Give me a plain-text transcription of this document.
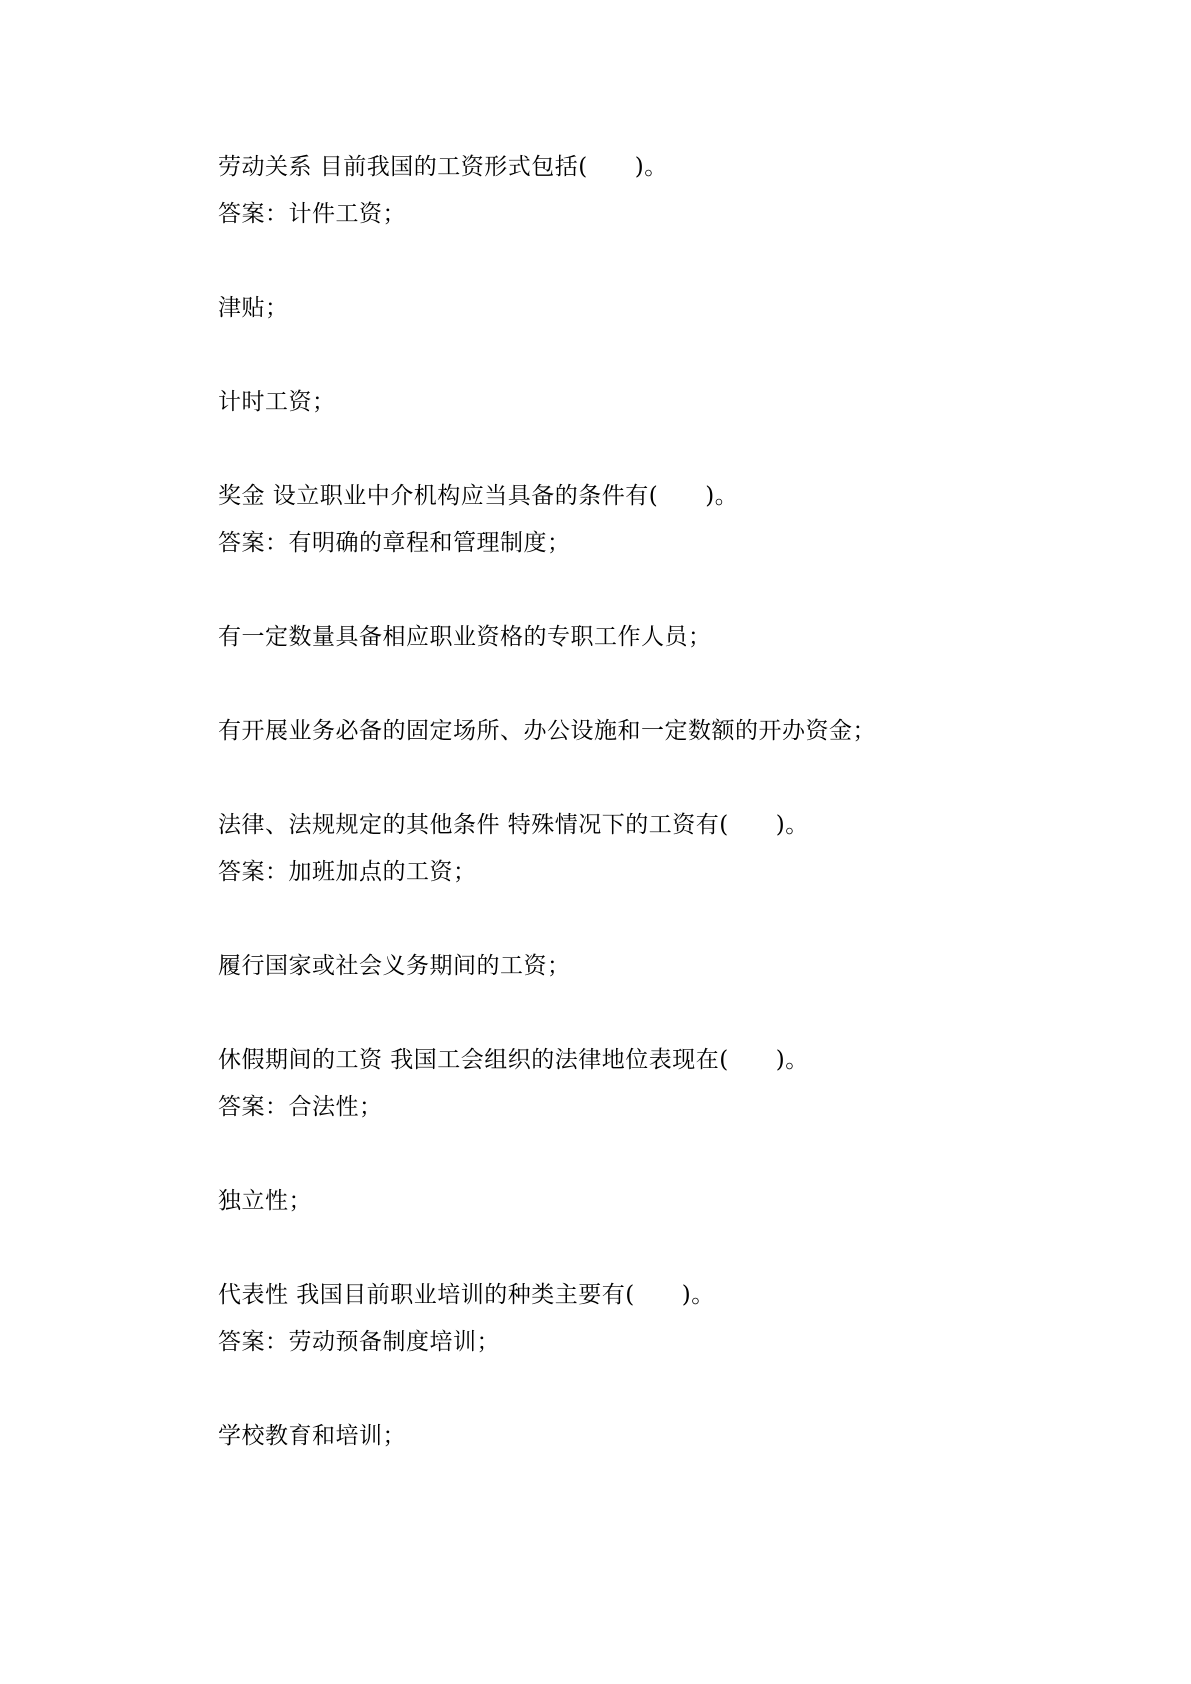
劳动关系 目前我国的工资形式包括(　　)。
答案：计件工资；
津贴；
计时工资；
奖金 设立职业中介机构应当具备的条件有(　　)。
答案：有明确的章程和管理制度；
有一定数量具备相应职业资格的专职工作人员；
有开展业务必备的固定场所、办公设施和一定数额的开办资金；
法律、法规规定的其他条件 特殊情况下的工资有(　　)。
答案：加班加点的工资；
履行国家或社会义务期间的工资；
休假期间的工资 我国工会组织的法律地位表现在(　　)。
答案：合法性；
独立性；
代表性 我国目前职业培训的种类主要有(　　)。
答案：劳动预备制度培训；
学校教育和培训；
